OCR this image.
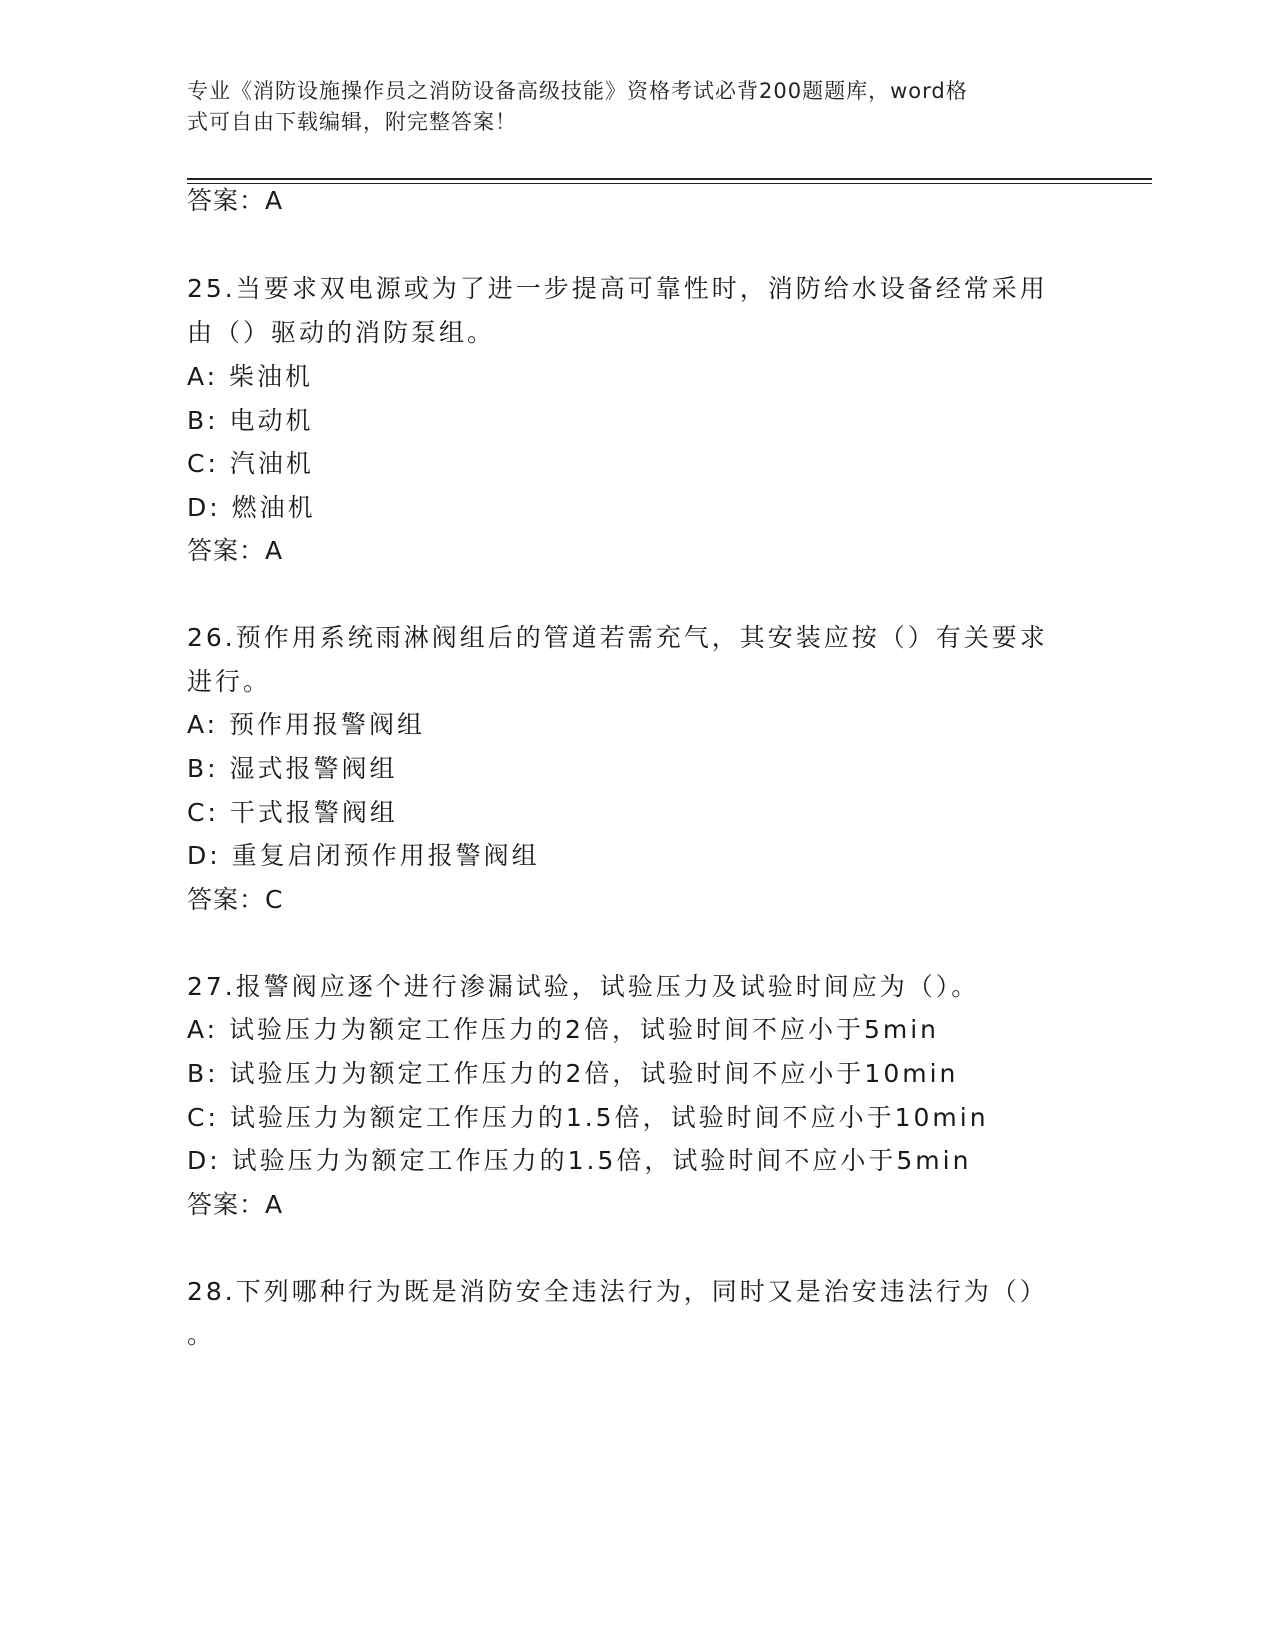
专业《消防设施操作员之消防设备高级技能》资格考试必背200题题库，word格
式可自由下载编辑，附完整答案！
答案：A
25.当要求双电源或为了进一步提高可靠性时，消防给水设备经常采用
由（）驱动的消防泵组。
A: 柴油机
B: 电动机
C: 汽油机
D: 燃油机
答案：A
26.预作用系统雨淋阀组后的管道若需充气，其安装应按（）有关要求
进行。
A: 预作用报警阀组
B: 湿式报警阀组
C: 干式报警阀组
D: 重复启闭预作用报警阀组
答案：C
27.报警阀应逐个进行渗漏试验，试验压力及试验时间应为（）。
A: 试验压力为额定工作压力的2倍，试验时间不应小于5min
B: 试验压力为额定工作压力的2倍，试验时间不应小于10min
C: 试验压力为额定工作压力的1.5倍，试验时间不应小于10min
D: 试验压力为额定工作压力的1.5倍，试验时间不应小于5min
答案：A
28.下列哪种行为既是消防安全违法行为，同时又是治安违法行为（）
。
